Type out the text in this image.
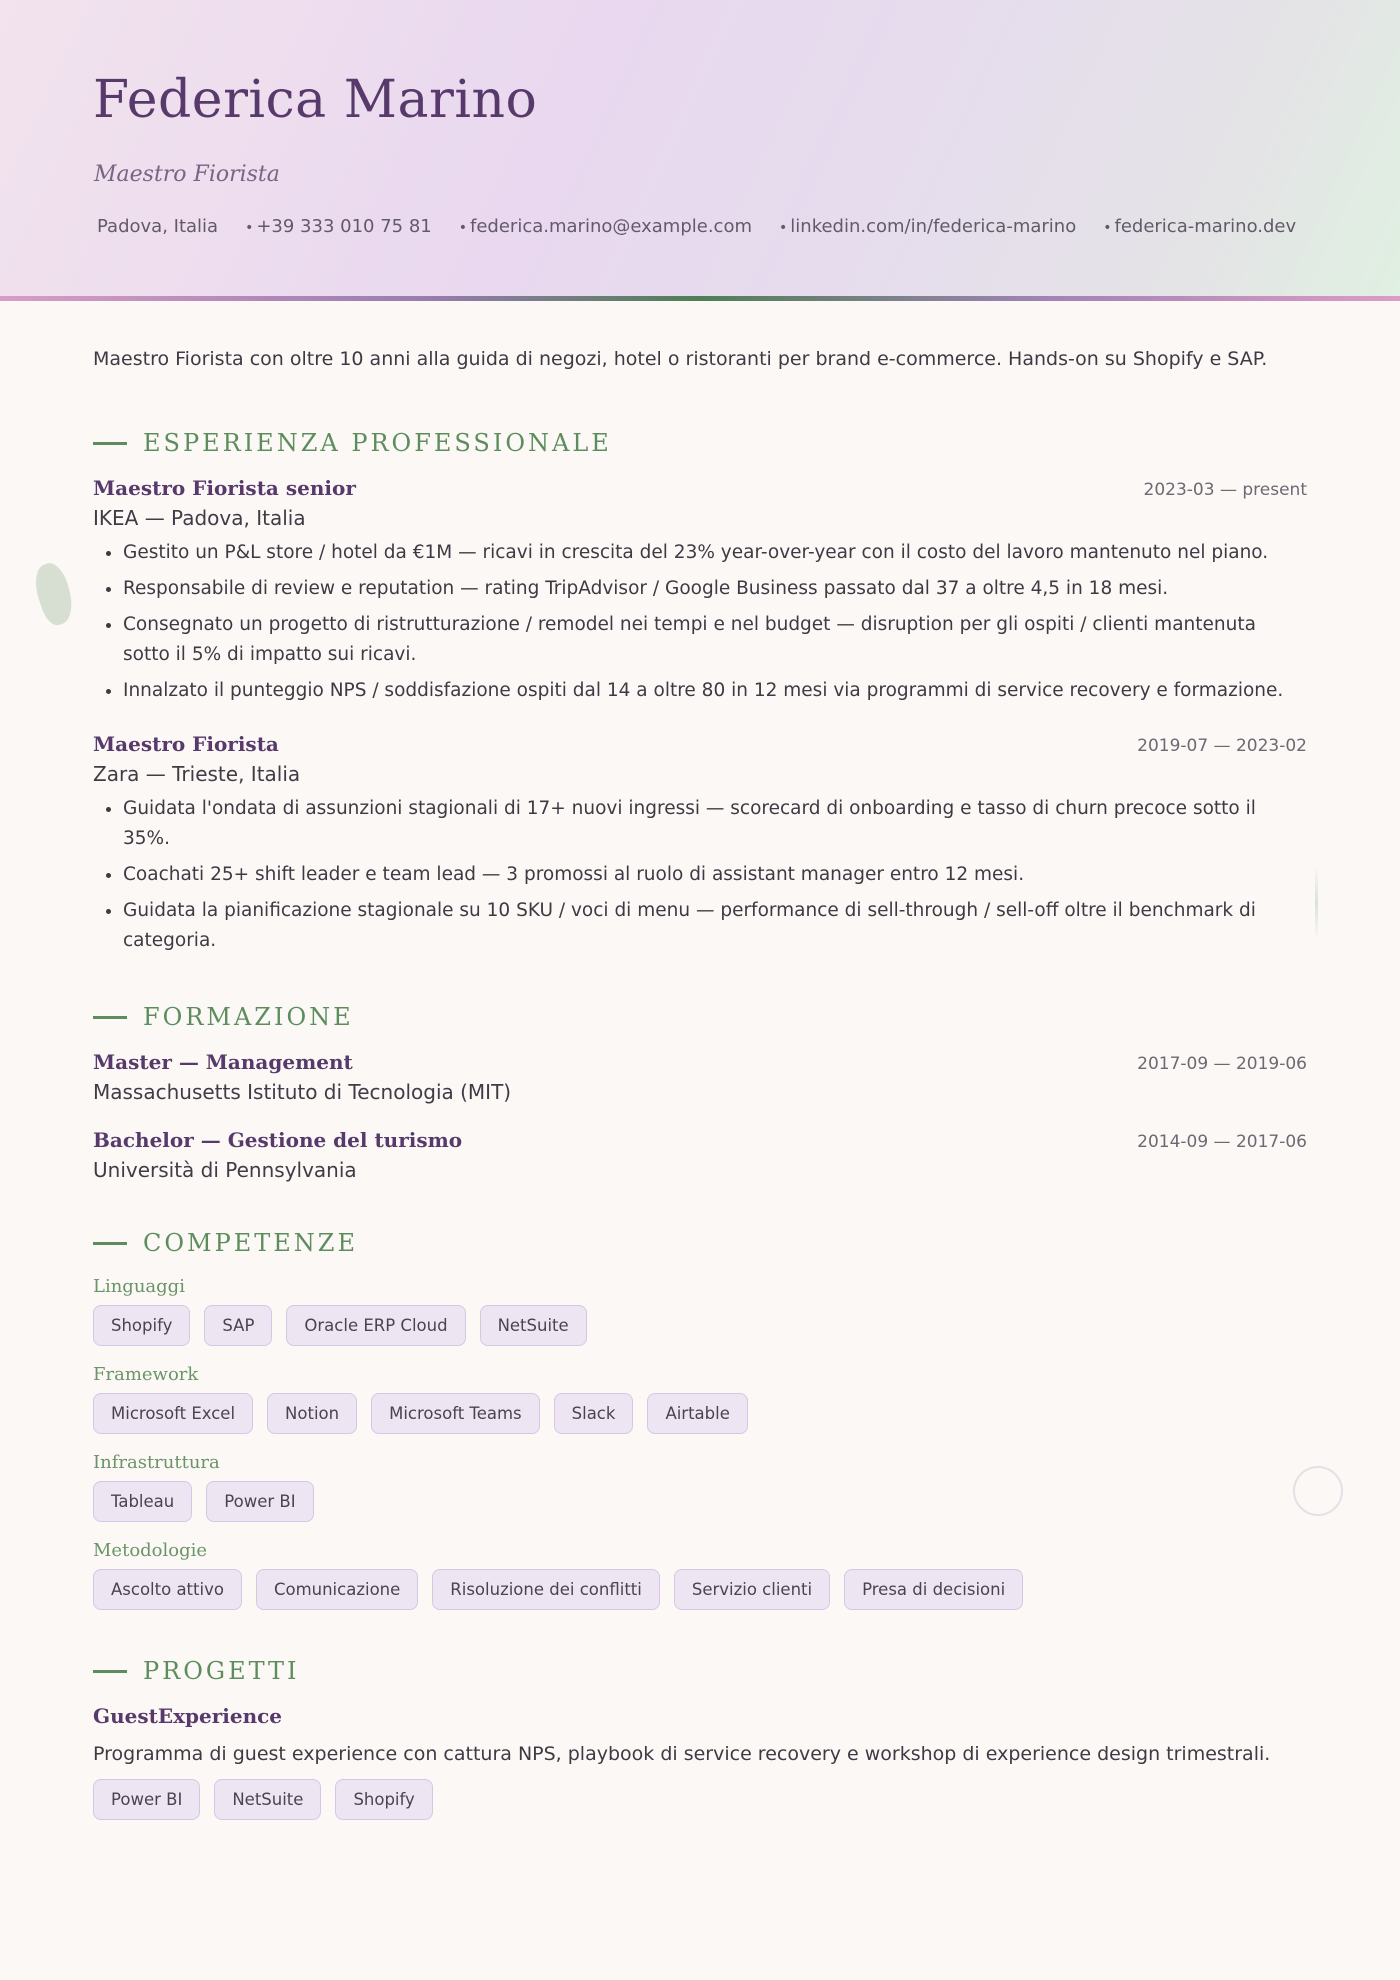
Federica Marino
Maestro Fiorista
Padova, Italia • +39 333 010 75 81 • federica.marino@example.com • linkedin.com/in/federica-marino • federica-marino.dev

Maestro Fiorista con oltre 10 anni alla guida di negozi, hotel o ristoranti per brand e-commerce. Hands-on su Shopify e SAP.

ESPERIENZA PROFESSIONALE
Maestro Fiorista senior	2023-03 — present
IKEA — Padova, Italia
• Gestito un P&L store / hotel da €1M — ricavi in crescita del 23% year-over-year con il costo del lavoro mantenuto nel piano.
• Responsabile di review e reputation — rating TripAdvisor / Google Business passato dal 37 a oltre 4,5 in 18 mesi.
• Consegnato un progetto di ristrutturazione / remodel nei tempi e nel budget — disruption per gli ospiti / clienti mantenuta sotto il 5% di impatto sui ricavi.
• Innalzato il punteggio NPS / soddisfazione ospiti dal 14 a oltre 80 in 12 mesi via programmi di service recovery e formazione.
Maestro Fiorista	2019-07 — 2023-02
Zara — Trieste, Italia
• Guidata l'ondata di assunzioni stagionali di 17+ nuovi ingressi — scorecard di onboarding e tasso di churn precoce sotto il 35%.
• Coachati 25+ shift leader e team lead — 3 promossi al ruolo di assistant manager entro 12 mesi.
• Guidata la pianificazione stagionale su 10 SKU / voci di menu — performance di sell-through / sell-off oltre il benchmark di categoria.
FORMAZIONE
Master — Management	2017-09 — 2019-06
Massachusetts Istituto di Tecnologia (MIT)
Bachelor — Gestione del turismo	2014-09 — 2017-06
Università di Pennsylvania
COMPETENZE
Linguaggi
Shopify	SAP	Oracle ERP Cloud	NetSuite
Framework
Microsoft Excel	Notion	Microsoft Teams	Slack	Airtable
Infrastruttura
Tableau	Power BI
Metodologie
Ascolto attivo	Comunicazione	Risoluzione dei conflitti	Servizio clienti	Presa di decisioni
PROGETTI
GuestExperience
Programma di guest experience con cattura NPS, playbook di service recovery e workshop di experience design trimestrali.
Power BI	NetSuite	Shopify
